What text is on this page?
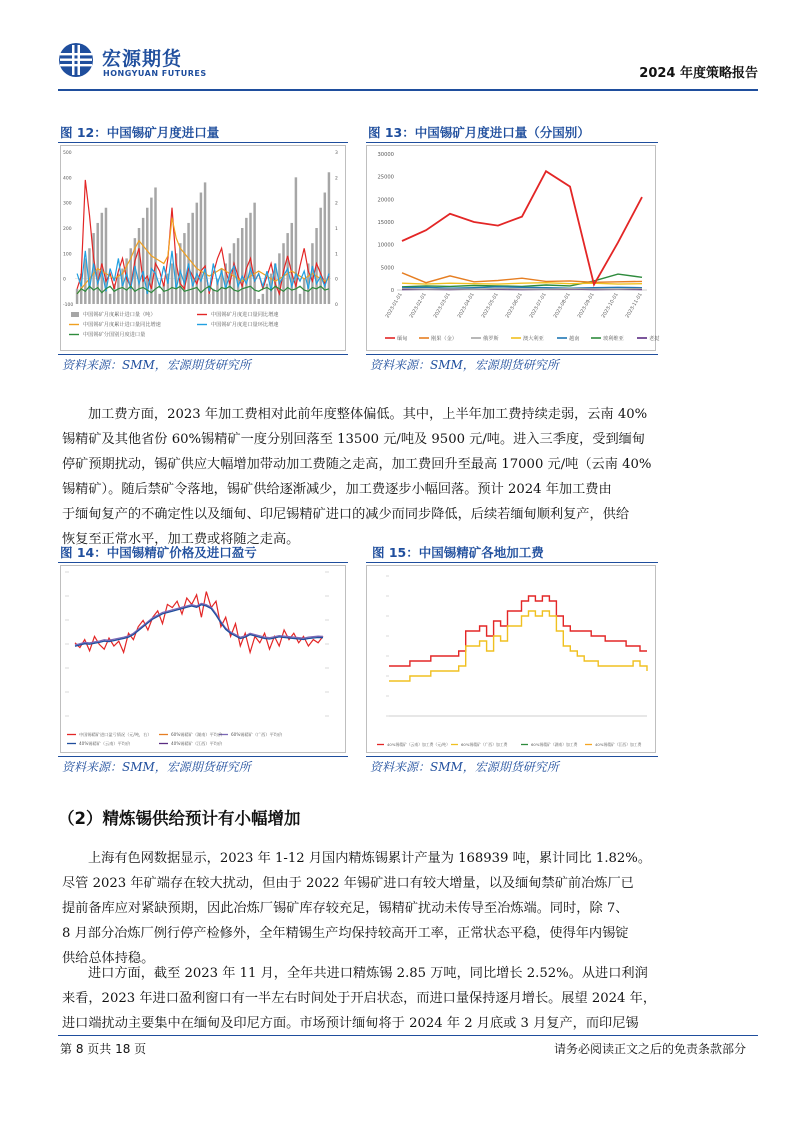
宏源期货
HONGYUAN FUTURES	2024 年度策略报告
图 12：中国锡矿月度进口量
500
400
300
200
100
0
-100
3
2
2
1
1
0
0
中国锡矿月度累计进口量（吨）	中国锡矿月度进口量同比增速
中国锡矿月度累计进口量同比增速	中国锡矿月度进口量环比增速
中国锡矿分国别月度进口量
资料来源：SMM，宏源期货研究所
图 13：中国锡矿月度进口量（分国别）
30000
25000
20000
15000
10000
5000
0
2023-01-01 2023-02-01 2023-03-01 2023-04-01 2023-05-01 2023-06-01 2023-07-01 2023-08-01 2023-09-01 2023-10-01 2023-11-01
缅甸	刚果（金）	俄罗斯	澳大利亚	越南	玻利维亚	老挝
资料来源：SMM，宏源期货研究所
加工费方面，2023 年加工费相对此前年度整体偏低。其中，上半年加工费持续走弱，云南 40%
锡精矿及其他省份 60%锡精矿一度分别回落至 13500 元/吨及 9500 元/吨。进入三季度，受到缅甸
停矿预期扰动，锡矿供应大幅增加带动加工费随之走高，加工费回升至最高 17000 元/吨（云南 40%
锡精矿）。随后禁矿令落地，锡矿供给逐渐减少，加工费逐步小幅回落。预计 2024 年加工费由
于缅甸复产的不确定性以及缅甸、印尼锡精矿进口的减少而同步降低，后续若缅甸顺利复产，供给
恢复至正常水平，加工费或将随之走高。
图 14：中国锡精矿价格及进口盈亏
中国锡精矿进口盈亏情况（元/吨，右）	60%锡精矿（广西）平均价
40%锡精矿（云南）平均价
60%锡精矿（湖南）平均价
40%锡精矿（江西）平均价
资料来源：SMM，宏源期货研究所
图 15：中国锡精矿各地加工费
40%锡精矿（云南）加工费（元/吨）	60%锡精矿（广西）加工费	60%锡精矿（湖南）加工费	40%锡精矿（江西）加工费
资料来源：SMM，宏源期货研究所
（2）精炼锡供给预计有小幅增加
上海有色网数据显示，2023 年 1-12 月国内精炼锡累计产量为 168939 吨，累计同比 1.82%。
尽管 2023 年矿端存在较大扰动，但由于 2022 年锡矿进口有较大增量，以及缅甸禁矿前冶炼厂已
提前备库应对紧缺预期，因此冶炼厂锡矿库存较充足，锡精矿扰动未传导至冶炼端。同时，除 7、
8 月部分冶炼厂例行停产检修外，全年精锡生产均保持较高开工率，正常状态平稳，使得年内锡锭
供给总体持稳。
进口方面，截至 2023 年 11 月，全年共进口精炼锡 2.85 万吨，同比增长 2.52%。从进口利润
来看，2023 年进口盈利窗口有一半左右时间处于开启状态，而进口量保持逐月增长。展望 2024 年，
进口端扰动主要集中在缅甸及印尼方面。市场预计缅甸将于 2024 年 2 月底或 3 月复产，而印尼锡
第 8 页共 18 页	请务必阅读正文之后的免责条款部分
